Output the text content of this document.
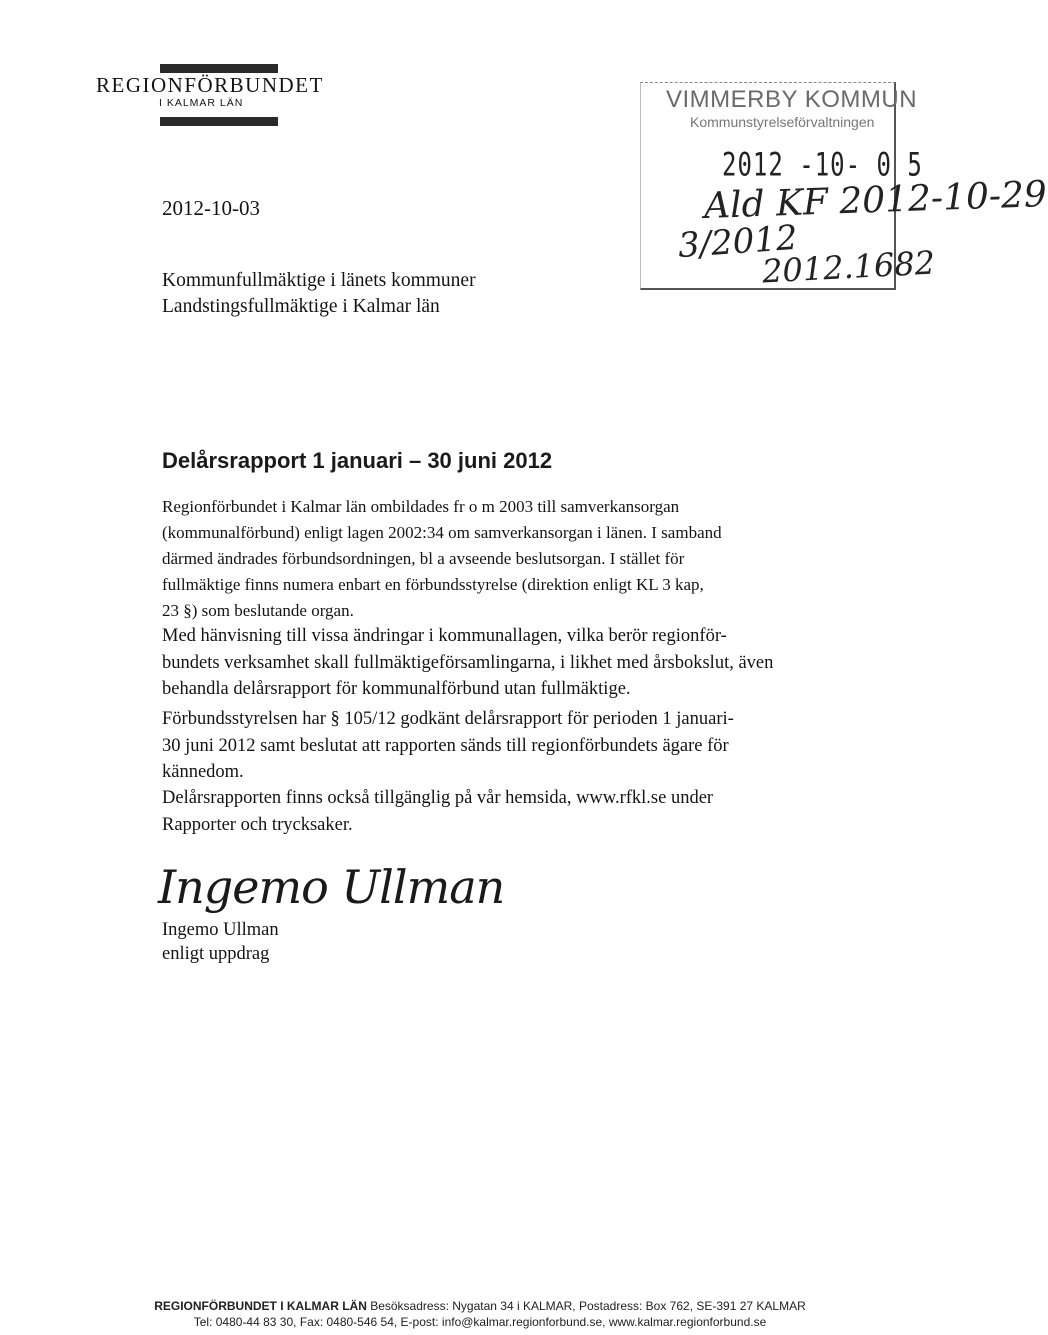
REGIONFÖRBUNDET
I KALMAR LÄN	VIMMERBY KOMMUN
Kommunstyrelseförvaltningen
2012 -10- 0 5
Ald KF 2012-10-29
3/2012
2012.1682
2012-10-03
Kommunfullmäktige i länets kommuner
Landstingsfullmäktige i Kalmar län
Delårsrapport 1 januari – 30 juni 2012
Regionförbundet i Kalmar län ombildades fr o m 2003 till samverkansorgan
(kommunalförbund) enligt lagen 2002:34 om samverkansorgan i länen. I samband
därmed ändrades förbundsordningen, bl a avseende beslutsorgan. I stället för
fullmäktige finns numera enbart en förbundsstyrelse (direktion enligt KL 3 kap,
23 §) som beslutande organ.
Med hänvisning till vissa ändringar i kommunallagen, vilka berör regionför-
bundets verksamhet skall fullmäktigeförsamlingarna, i likhet med årsbokslut, även
behandla delårsrapport för kommunalförbund utan fullmäktige.
Förbundsstyrelsen har § 105/12 godkänt delårsrapport för perioden 1 januari-
30 juni 2012 samt beslutat att rapporten sänds till regionförbundets ägare för
kännedom.
Delårsrapporten finns också tillgänglig på vår hemsida, www.rfkl.se under
Rapporter och trycksaker.
Ingemo Ullman
Ingemo Ullman
enligt uppdrag
REGIONFÖRBUNDET I KALMAR LÄN Besöksadress: Nygatan 34 i KALMAR, Postadress: Box 762, SE-391 27 KALMAR
Tel: 0480-44 83 30, Fax: 0480-546 54, E-post: info@kalmar.regionforbund.se, www.kalmar.regionforbund.se
